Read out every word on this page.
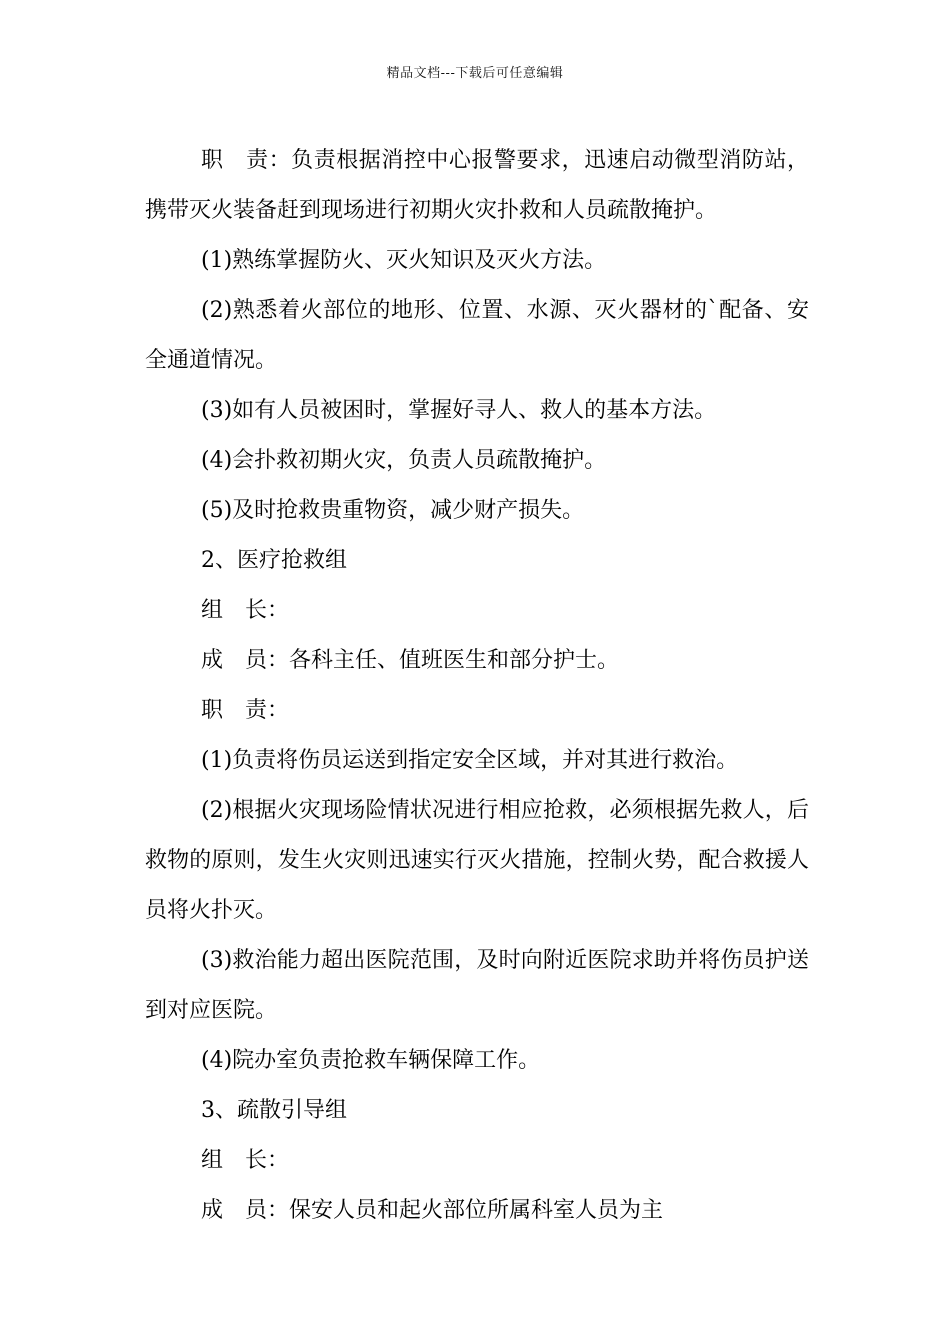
精品文档---下载后可任意编辑

职　责：负责根据消控中心报警要求，迅速启动微型消防站，携带灭火装备赶到现场进行初期火灾扑救和人员疏散掩护。

(1)熟练掌握防火、灭火知识及灭火方法。

(2)熟悉着火部位的地形、位置、水源、灭火器材的`配备、安全通道情况。

(3)如有人员被困时，掌握好寻人、救人的基本方法。

(4)会扑救初期火灾，负责人员疏散掩护。

(5)及时抢救贵重物资，减少财产损失。

2、医疗抢救组

组　长：

成　员：各科主任、值班医生和部分护士。

职　责：

(1)负责将伤员运送到指定安全区域，并对其进行救治。

(2)根据火灾现场险情状况进行相应抢救，必须根据先救人，后救物的原则，发生火灾则迅速实行灭火措施，控制火势，配合救援人员将火扑灭。

(3)救治能力超出医院范围，及时向附近医院求助并将伤员护送到对应医院。

(4)院办室负责抢救车辆保障工作。

3、疏散引导组

组　长：

成　员：保安人员和起火部位所属科室人员为主
